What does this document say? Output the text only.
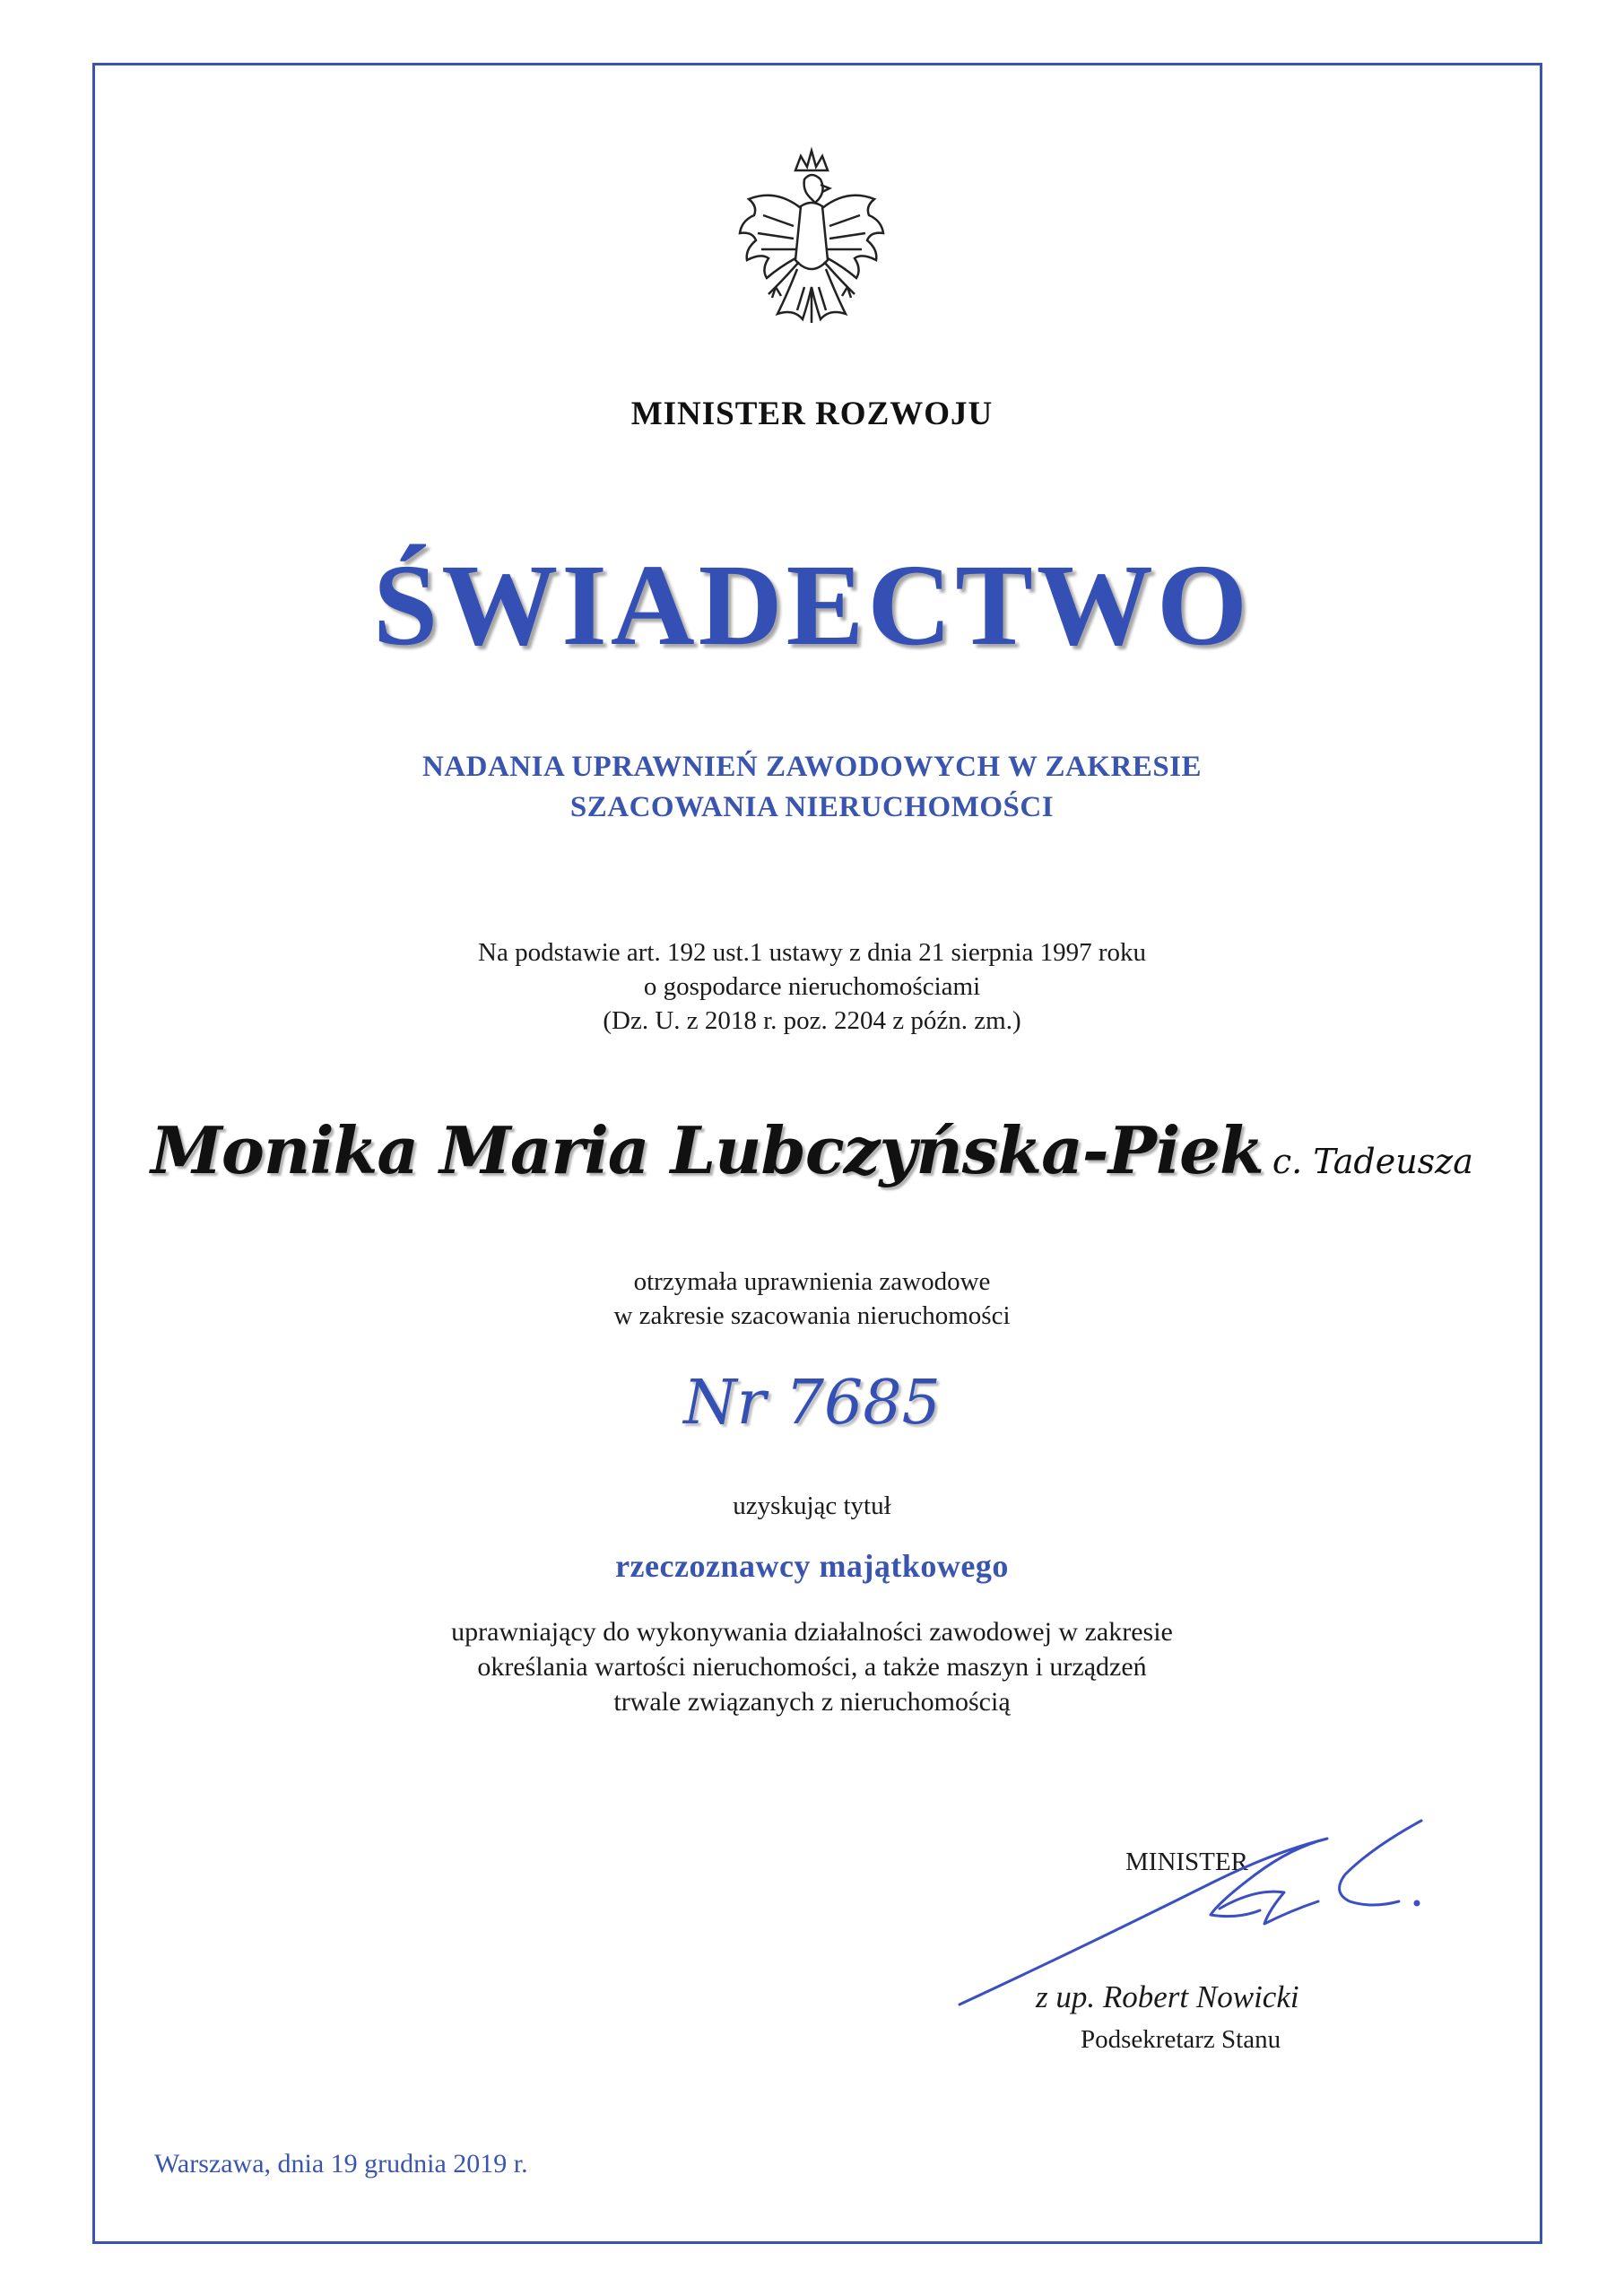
MINISTER ROZWOJU
ŚWIADECTWO
NADANIA UPRAWNIEŃ ZAWODOWYCH W ZAKRESIE
SZACOWANIA NIERUCHOMOŚCI
Na podstawie art. 192 ust.1 ustawy z dnia 21 sierpnia 1997 roku
o gospodarce nieruchomościami
(Dz. U. z 2018 r. poz. 2204 z późn. zm.)
Monika Maria Lubczyńska-Piek c. Tadeusza
otrzymała uprawnienia zawodowe
w zakresie szacowania nieruchomości
Nr 7685
uzyskując tytuł
rzeczoznawcy majątkowego
uprawniający do wykonywania działalności zawodowej w zakresie
określania wartości nieruchomości, a także maszyn i urządzeń
trwale związanych z nieruchomością
MINISTER
z up. Robert Nowicki
Podsekretarz Stanu
Warszawa, dnia 19 grudnia 2019 r.
